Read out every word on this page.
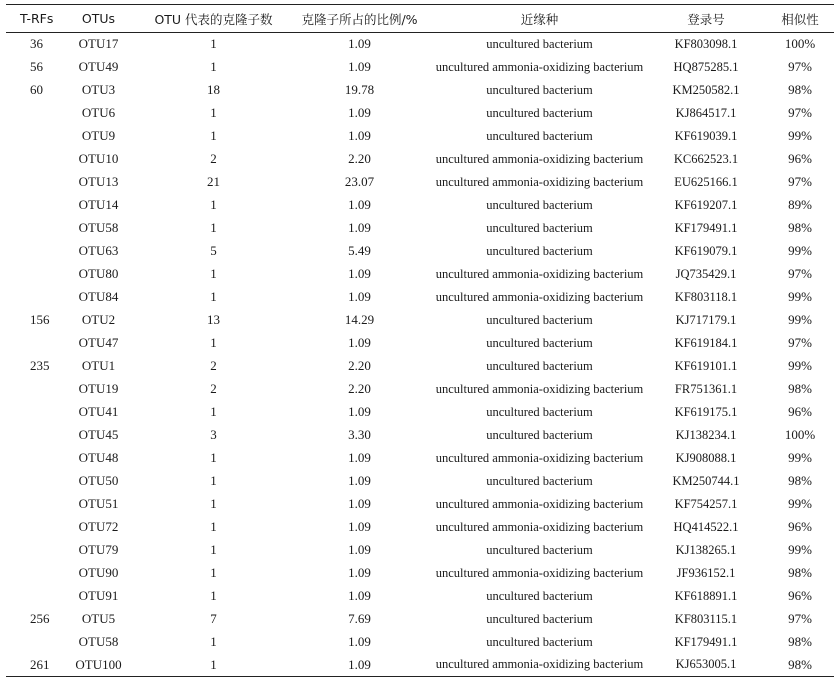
T-RFs	OTUs	OTU 代表的克隆子数	克隆子所占的比例/%	近缘种	登录号	相似性
36	OTU17	1	1.09	uncultured bacterium	KF803098.1	100%
56	OTU49	1	1.09	uncultured ammonia-oxidizing bacterium	HQ875285.1	97%
60	OTU3	18	19.78	uncultured bacterium	KM250582.1	98%
	OTU6	1	1.09	uncultured bacterium	KJ864517.1	97%
	OTU9	1	1.09	uncultured bacterium	KF619039.1	99%
	OTU10	2	2.20	uncultured ammonia-oxidizing bacterium	KC662523.1	96%
	OTU13	21	23.07	uncultured ammonia-oxidizing bacterium	EU625166.1	97%
	OTU14	1	1.09	uncultured bacterium	KF619207.1	89%
	OTU58	1	1.09	uncultured bacterium	KF179491.1	98%
	OTU63	5	5.49	uncultured bacterium	KF619079.1	99%
	OTU80	1	1.09	uncultured ammonia-oxidizing bacterium	JQ735429.1	97%
	OTU84	1	1.09	uncultured ammonia-oxidizing bacterium	KF803118.1	99%
156	OTU2	13	14.29	uncultured bacterium	KJ717179.1	99%
	OTU47	1	1.09	uncultured bacterium	KF619184.1	97%
235	OTU1	2	2.20	uncultured bacterium	KF619101.1	99%
	OTU19	2	2.20	uncultured ammonia-oxidizing bacterium	FR751361.1	98%
	OTU41	1	1.09	uncultured bacterium	KF619175.1	96%
	OTU45	3	3.30	uncultured bacterium	KJ138234.1	100%
	OTU48	1	1.09	uncultured ammonia-oxidizing bacterium	KJ908088.1	99%
	OTU50	1	1.09	uncultured bacterium	KM250744.1	98%
	OTU51	1	1.09	uncultured ammonia-oxidizing bacterium	KF754257.1	99%
	OTU72	1	1.09	uncultured ammonia-oxidizing bacterium	HQ414522.1	96%
	OTU79	1	1.09	uncultured bacterium	KJ138265.1	99%
	OTU90	1	1.09	uncultured ammonia-oxidizing bacterium	JF936152.1	98%
	OTU91	1	1.09	uncultured bacterium	KF618891.1	96%
256	OTU5	7	7.69	uncultured bacterium	KF803115.1	97%
	OTU58	1	1.09	uncultured bacterium	KF179491.1	98%
261	OTU100	1	1.09	uncultured ammonia-oxidizing bacterium	KJ653005.1	98%
